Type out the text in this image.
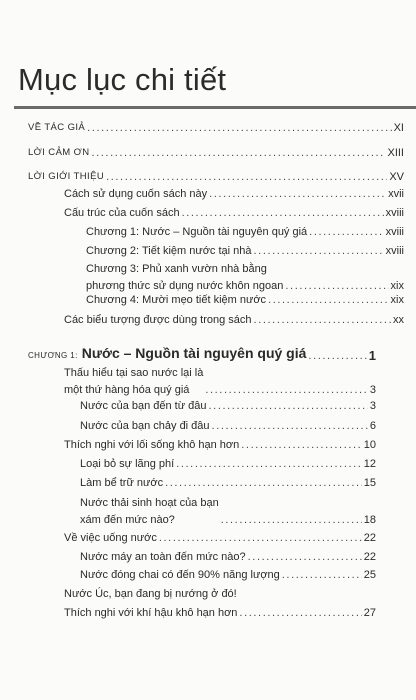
Mục lục chi tiết
VỀ TÁC GIẢ .....	XI
LỜI CẢM ƠN .....	XIII
LỜI GIỚI THIỆU .....	XV
Cách sử dụng cuốn sách này .....	xvii
Cấu trúc của cuốn sách .....	xviii
Chương 1: Nước – Nguồn tài nguyên quý giá .....	xviii
Chương 2: Tiết kiệm nước tại nhà .....	xviii
Chương 3: Phủ xanh vườn nhà bằng
phương thức sử dụng nước khôn ngoan .....	xix
Chương 4: Mười mẹo tiết kiệm nước .....	xix
Các biểu tượng được dùng trong sách .....	xx
CHƯƠNG 1: Nước – Nguồn tài nguyên quý giá .....	1
Thấu hiểu tại sao nước lại là
một thứ hàng hóa quý giá .....	3
Nước của bạn đến từ đâu .....	3
Nước của bạn chảy đi đâu .....	6
Thích nghi với lối sống khô hạn hơn .....	10
Loại bỏ sự lãng phí .....	12
Làm bể trữ nước .....	15
Nước thải sinh hoạt của bạn
xám đến mức nào? .....	18
Về việc uống nước .....	22
Nước máy an toàn đến mức nào? .....	22
Nước đóng chai có đến 90% năng lượng .....	25
Nước Úc, bạn đang bị nướng ở đó!
Thích nghi với khí hậu khô hạn hơn .....	27
